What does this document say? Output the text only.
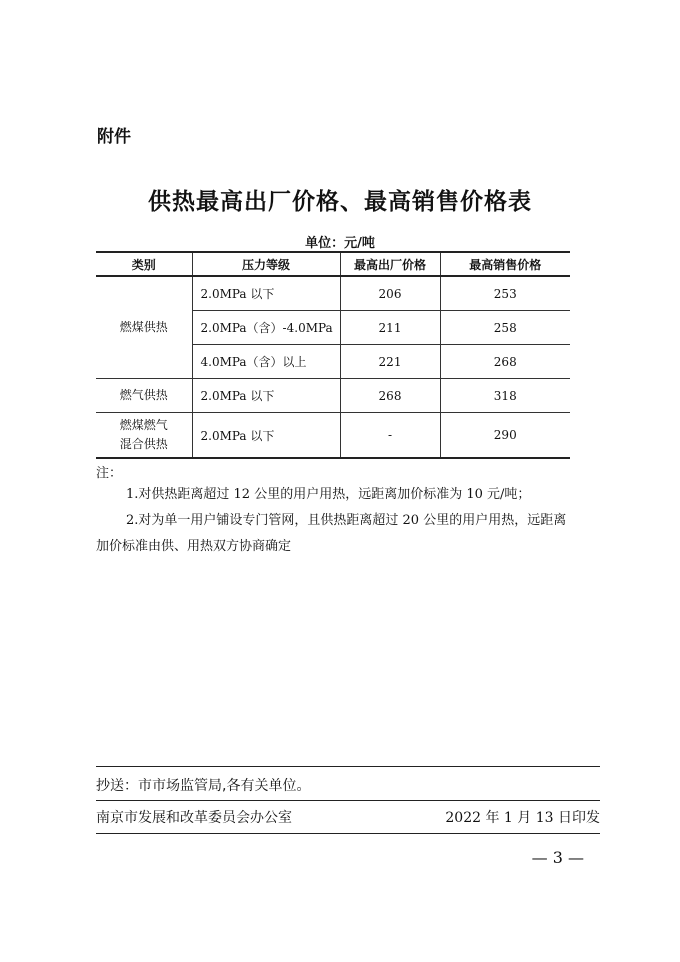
附件
供热最高出厂价格、最高销售价格表
单位：元/吨
类别	压力等级	最高出厂价格	最高销售价格
燃煤供热	2.0MPa 以下	206	253
	2.0MPa（含）-4.0MPa	211	258
	4.0MPa（含）以上	221	268
燃气供热	2.0MPa 以下	268	318

燃煤燃气
混合供热	2.0MPa 以下	-	290
注：
1.对供热距离超过 12 公里的用户用热，远距离加价标准为 10 元/吨；
2.对为单一用户铺设专门管网，且供热距离超过 20 公里的用户用热，远距离加价标准由供、用热双方协商确定
抄送：市市场监管局,各有关单位。
南京市发展和改革委员会办公室	2022 年 1 月 13 日印发
— 3 —
